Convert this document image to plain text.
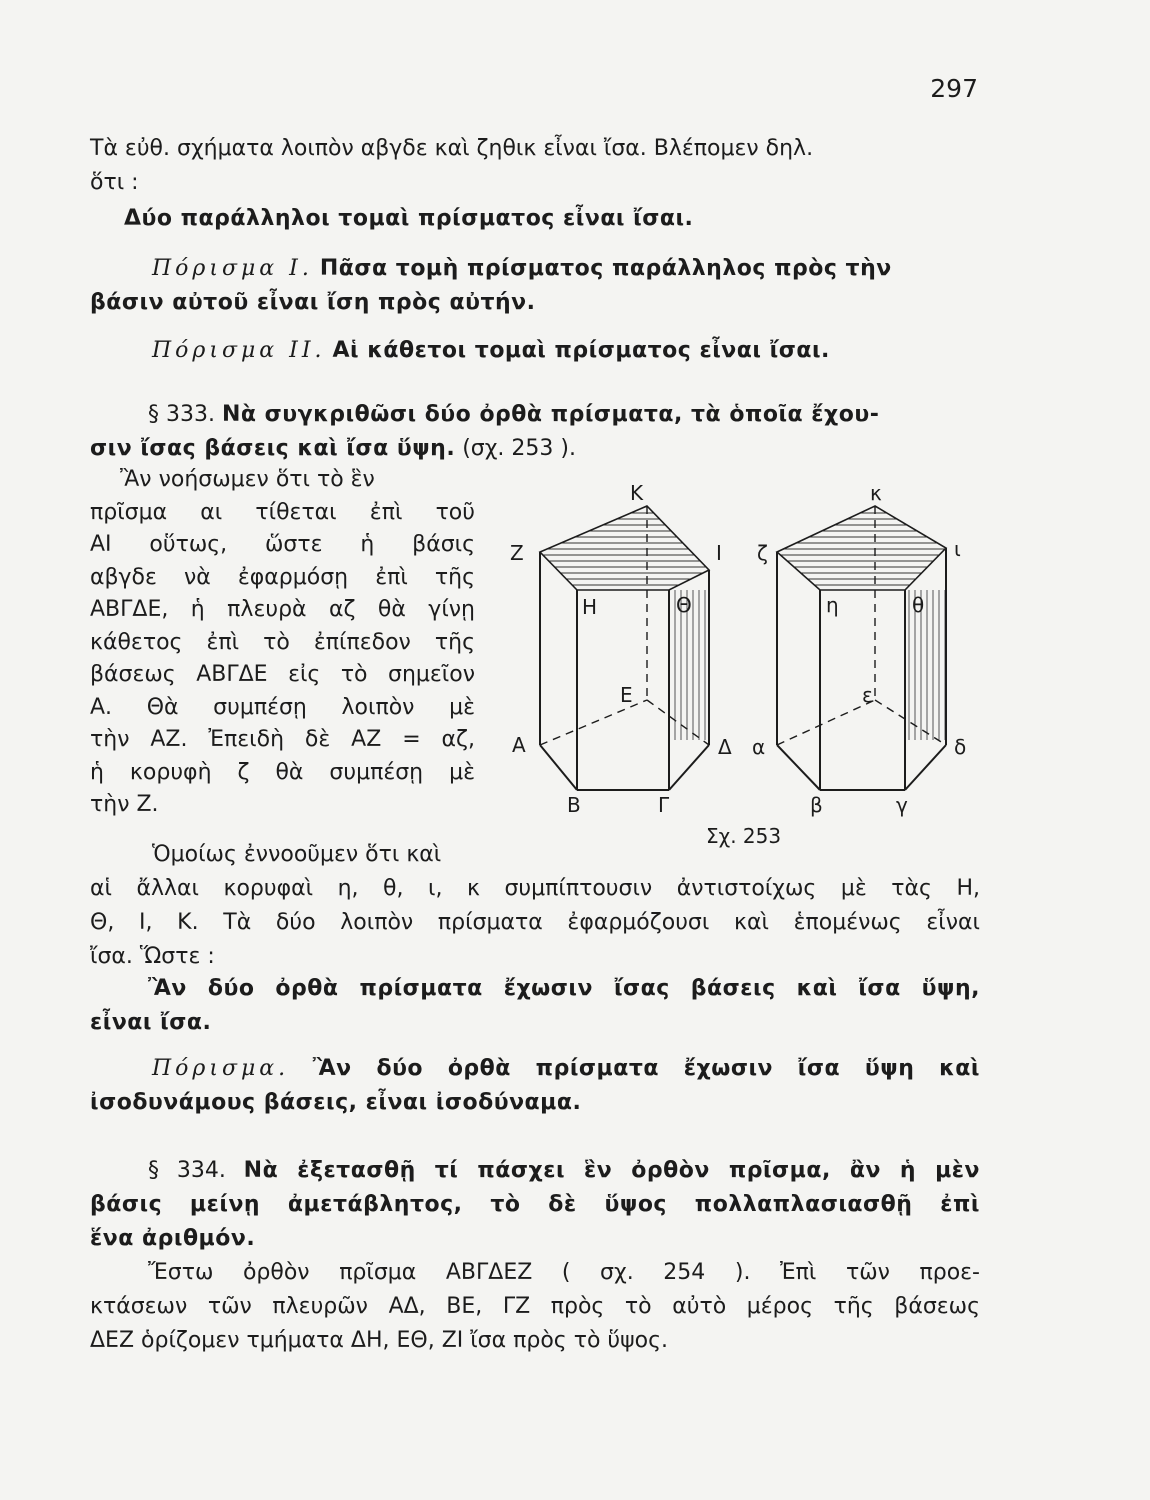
297
Τὰ εὐθ. σχήματα λοιπὸν αβγδε καὶ ζηθικ εἶναι ἴσα. Βλέπομεν δηλ.
ὅτι :
Δύο παράλληλοι τομαὶ πρίσματος εἶναι ἴσαι.
Πόρισμα I. Πᾶσα τομὴ πρίσματος παράλληλος πρὸς τὴν
βάσιν αὐτοῦ εἶναι ἴση πρὸς αὐτήν.
Πόρισμα II. Αἱ κάθετοι τομαὶ πρίσματος εἶναι ἴσαι.
§ 333. Νὰ συγκριθῶσι δύο ὀρθὰ πρίσματα, τὰ ὁποῖα ἔχου-
σιν ἴσας βάσεις καὶ ἴσα ὕψη. (σχ. 253 ).
Ἂν νοήσωμεν ὅτι τὸ ἓν
πρῖσμα αι τίθεται ἐπὶ τοῦ
ΑΙ οὕτως, ὥστε ἡ βάσις
αβγδε νὰ ἐφαρμόσῃ ἐπὶ τῆς
ΑΒΓΔΕ, ἡ πλευρὰ αζ θὰ γίνῃ
κάθετος ἐπὶ τὸ ἐπίπεδον τῆς
βάσεως ΑΒΓΔΕ εἰς τὸ σημεῖον
Α. Θὰ συμπέσῃ λοιπὸν μὲ
τὴν ΑΖ. Ἐπειδὴ δὲ ΑΖ = αζ,
ἡ κορυφὴ ζ θὰ συμπέσῃ μὲ
τὴν Ζ.
Ὁμοίως ἐννοοῦμεν ὅτι καὶ
αἱ ἄλλαι κορυφαὶ η, θ, ι, κ συμπίπτουσιν ἀντιστοίχως μὲ τὰς Η,
Θ, Ι, Κ. Τὰ δύο λοιπὸν πρίσματα ἐφαρμόζουσι καὶ ἑπομένως εἶναι
ἴσα. Ὥστε :
Ἂν δύο ὀρθὰ πρίσματα ἔχωσιν ἴσας βάσεις καὶ ἴσα ὕψη,
εἶναι ἴσα.
Πόρισμα. Ἂν δύο ὀρθὰ πρίσματα ἔχωσιν ἴσα ὕψη καὶ
ἰσοδυνάμους βάσεις, εἶναι ἰσοδύναμα.
§ 334. Νὰ ἐξετασθῇ τί πάσχει ἓν ὀρθὸν πρῖσμα, ἂν ἡ μὲν
βάσις μείνῃ ἀμετάβλητος, τὸ δὲ ὕψος πολλαπλασιασθῇ ἐπὶ
ἕνα ἀριθμόν.
Ἔστω ὀρθὸν πρῖσμα ΑΒΓΔΕΖ ( σχ. 254 ). Ἐπὶ τῶν προε-
κτάσεων τῶν πλευρῶν ΑΔ, ΒΕ, ΓΖ πρὸς τὸ αὐτὸ μέρος τῆς βάσεως
ΔΕΖ ὁρίζομεν τμήματα ΔΗ, ΕΘ, ΖΙ ἴσα πρὸς τὸ ὕψος.
Κ
Ζ	Ι
Η	Θ
Ε
Α	Δ
Β	Γ
κ
ζ	ι
η	θ
ε
α	δ
β	γ
Σχ. 253
